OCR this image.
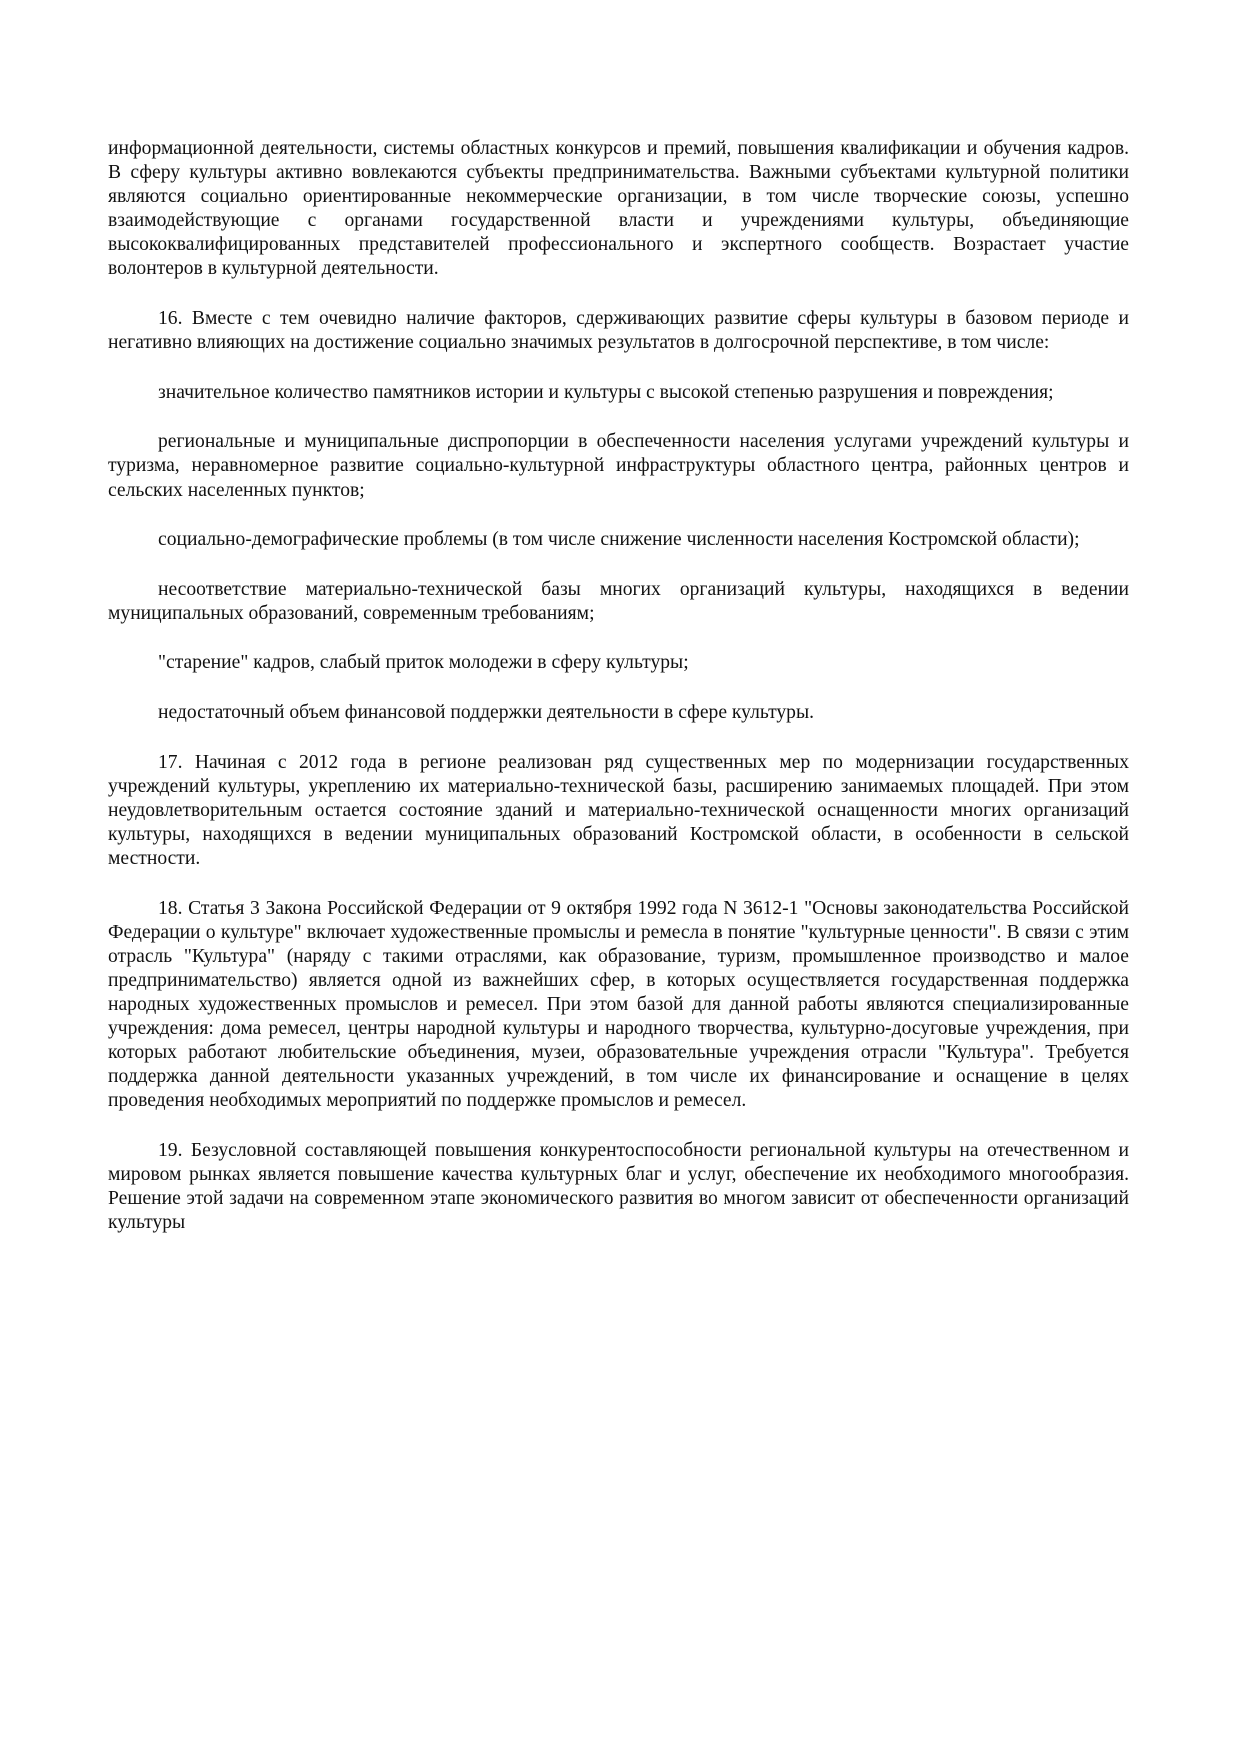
информационной деятельности, системы областных конкурсов и премий, повышения квалификации и обучения кадров. В сферу культуры активно вовлекаются субъекты предпринимательства. Важными субъектами культурной политики являются социально ориентированные некоммерческие организации, в том числе творческие союзы, успешно взаимодействующие с органами государственной власти и учреждениями культуры, объединяющие высококвалифицированных представителей профессионального и экспертного сообществ. Возрастает участие волонтеров в культурной деятельности.

16. Вместе с тем очевидно наличие факторов, сдерживающих развитие сферы культуры в базовом периоде и негативно влияющих на достижение социально значимых результатов в долгосрочной перспективе, в том числе:

значительное количество памятников истории и культуры с высокой степенью разрушения и повреждения;

региональные и муниципальные диспропорции в обеспеченности населения услугами учреждений культуры и туризма, неравномерное развитие социально-культурной инфраструктуры областного центра, районных центров и сельских населенных пунктов;

социально-демографические проблемы (в том числе снижение численности населения Костромской области);

несоответствие материально-технической базы многих организаций культуры, находящихся в ведении муниципальных образований, современным требованиям;

"старение" кадров, слабый приток молодежи в сферу культуры;

недостаточный объем финансовой поддержки деятельности в сфере культуры.

17. Начиная с 2012 года в регионе реализован ряд существенных мер по модернизации государственных учреждений культуры, укреплению их материально-технической базы, расширению занимаемых площадей. При этом неудовлетворительным остается состояние зданий и материально-технической оснащенности многих организаций культуры, находящихся в ведении муниципальных образований Костромской области, в особенности в сельской местности.

18. Статья 3 Закона Российской Федерации от 9 октября 1992 года N 3612-1 "Основы законодательства Российской Федерации о культуре" включает художественные промыслы и ремесла в понятие "культурные ценности". В связи с этим отрасль "Культура" (наряду с такими отраслями, как образование, туризм, промышленное производство и малое предпринимательство) является одной из важнейших сфер, в которых осуществляется государственная поддержка народных художественных промыслов и ремесел. При этом базой для данной работы являются специализированные учреждения: дома ремесел, центры народной культуры и народного творчества, культурно-досуговые учреждения, при которых работают любительские объединения, музеи, образовательные учреждения отрасли "Культура". Требуется поддержка данной деятельности указанных учреждений, в том числе их финансирование и оснащение в целях проведения необходимых мероприятий по поддержке промыслов и ремесел.

19. Безусловной составляющей повышения конкурентоспособности региональной культуры на отечественном и мировом рынках является повышение качества культурных благ и услуг, обеспечение их необходимого многообразия. Решение этой задачи на современном этапе экономического развития во многом зависит от обеспеченности организаций культуры
